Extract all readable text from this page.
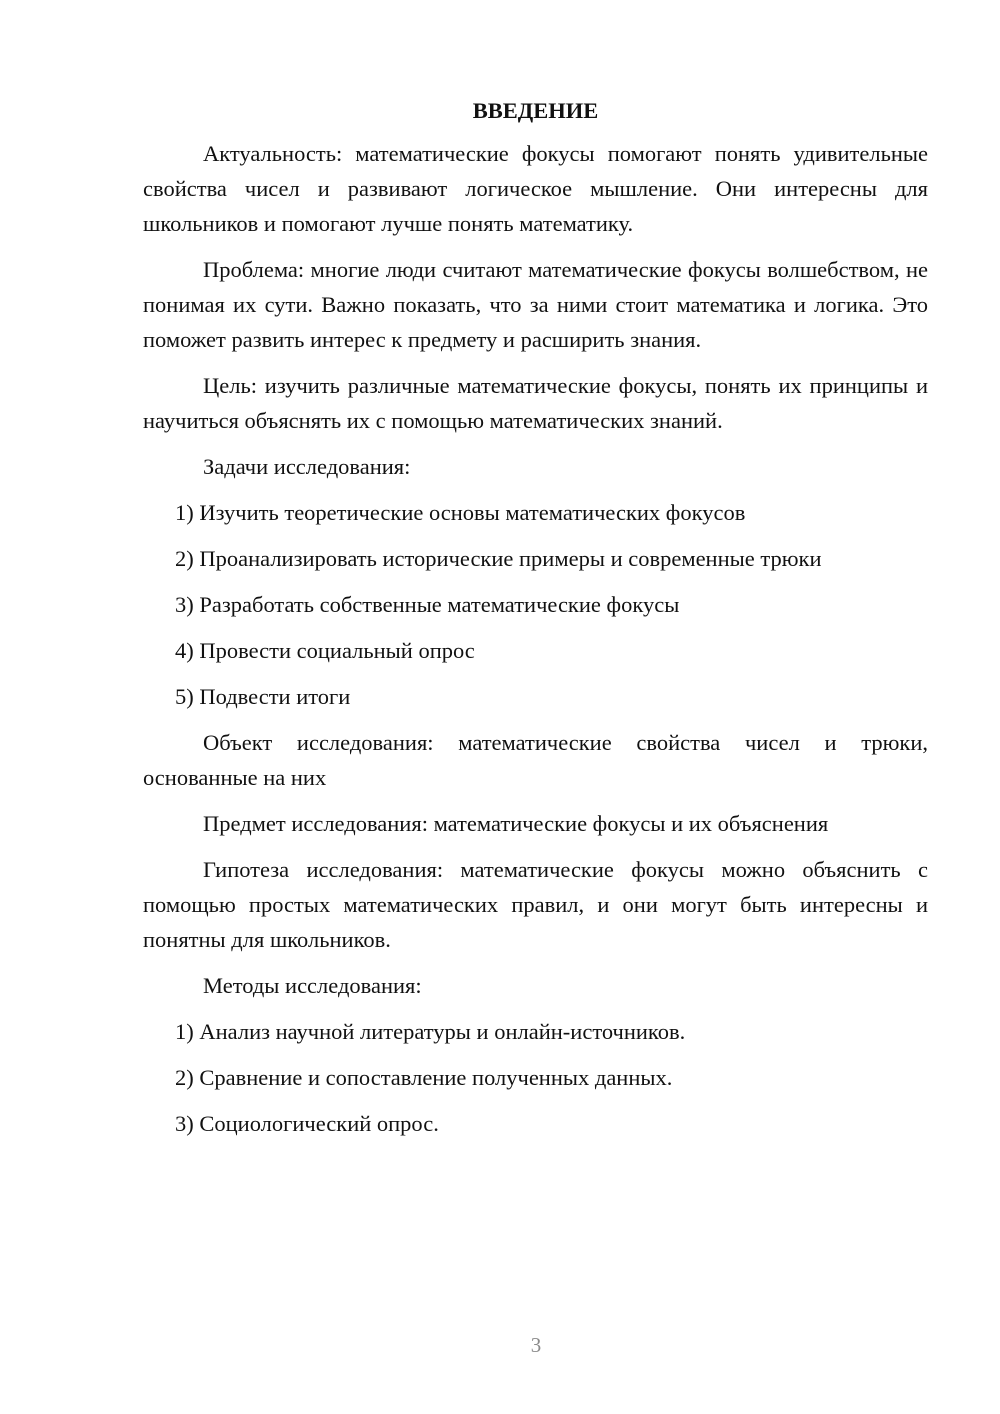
ВВЕДЕНИЕ

Актуальность: математические фокусы помогают понять удивительные свойства чисел и развивают логическое мышление. Они интересны для школьников и помогают лучше понять математику.

Проблема: многие люди считают математические фокусы волшебством, не понимая их сути. Важно показать, что за ними стоит математика и логика. Это поможет развить интерес к предмету и расширить знания.

Цель: изучить различные математические фокусы, понять их принципы и научиться объяснять их с помощью математических знаний.

Задачи исследования:

1) Изучить теоретические основы математических фокусов
2) Проанализировать исторические примеры и современные трюки
3) Разработать собственные математические фокусы
4) Провести социальный опрос
5) Подвести итоги

Объект исследования: математические свойства чисел и трюки, основанные на них

Предмет исследования: математические фокусы и их объяснения

Гипотеза исследования: математические фокусы можно объяснить с помощью простых математических правил, и они могут быть интересны и понятны для школьников.

Методы исследования:

1) Анализ научной литературы и онлайн-источников.
2) Сравнение и сопоставление полученных данных.
3) Социологический опрос.
3
